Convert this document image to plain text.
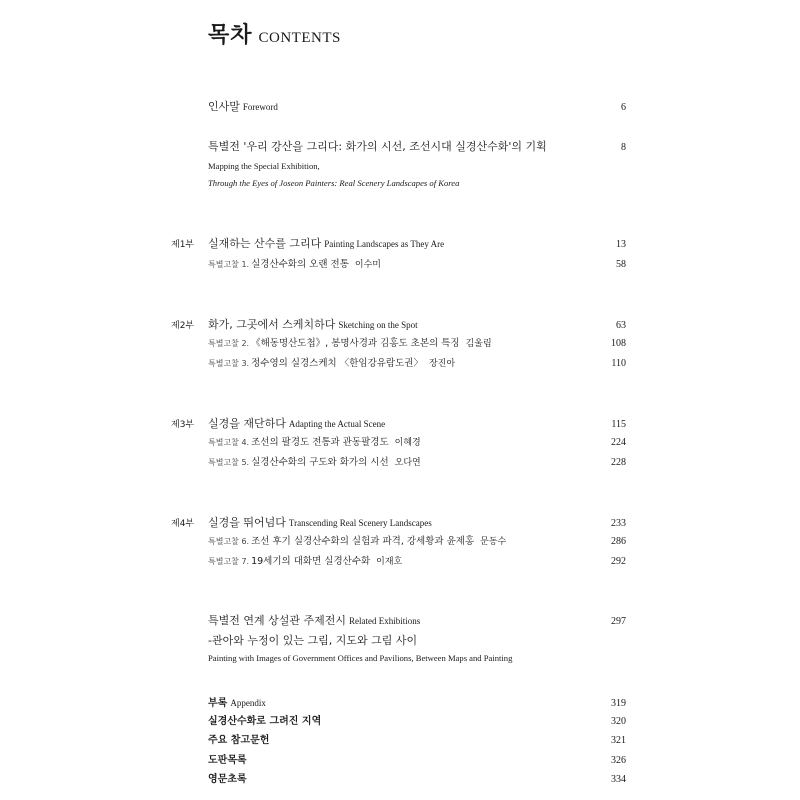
목차 CONTENTS
인사말 Foreword	6
특별전 '우리 강산을 그리다: 화가의 시선, 조선시대 실경산수화'의 기획	8
Mapping the Special Exhibition,
Through the Eyes of Joseon Painters: Real Scenery Landscapes of Korea
제1부 실재하는 산수를 그리다 Painting Landscapes as They Are	13
특별고찰 1. 실경산수화의 오랜 전통 이수미	58
제2부 화가, 그곳에서 스케치하다 Sketching on the Spot	63
특별고찰 2. 《해동명산도첩》, 봉명사경과 김홍도 초본의 특징 김울림	108
특별고찰 3. 정수영의 실경스케치 〈한임강유람도권〉 장진아	110
제3부 실경을 재단하다 Adapting the Actual Scene	115
특별고찰 4. 조선의 팔경도 전통과 관동팔경도 이혜경	224
특별고찰 5. 실경산수화의 구도와 화가의 시선 오다연	228
제4부 실경을 뛰어넘다 Transcending Real Scenery Landscapes	233
특별고찰 6. 조선 후기 실경산수화의 실험과 파격, 강세황과 윤제홍 문동수	286
특별고찰 7. 19세기의 대화면 실경산수화 이재호	292
특별전 연계 상설관 주제전시 Related Exhibitions	297
-관아와 누정이 있는 그림, 지도와 그림 사이
Painting with Images of Government Offices and Pavilions, Between Maps and Painting
부록 Appendix	319
실경산수화로 그려진 지역	320
주요 참고문헌	321
도판목록	326
영문초록	334
